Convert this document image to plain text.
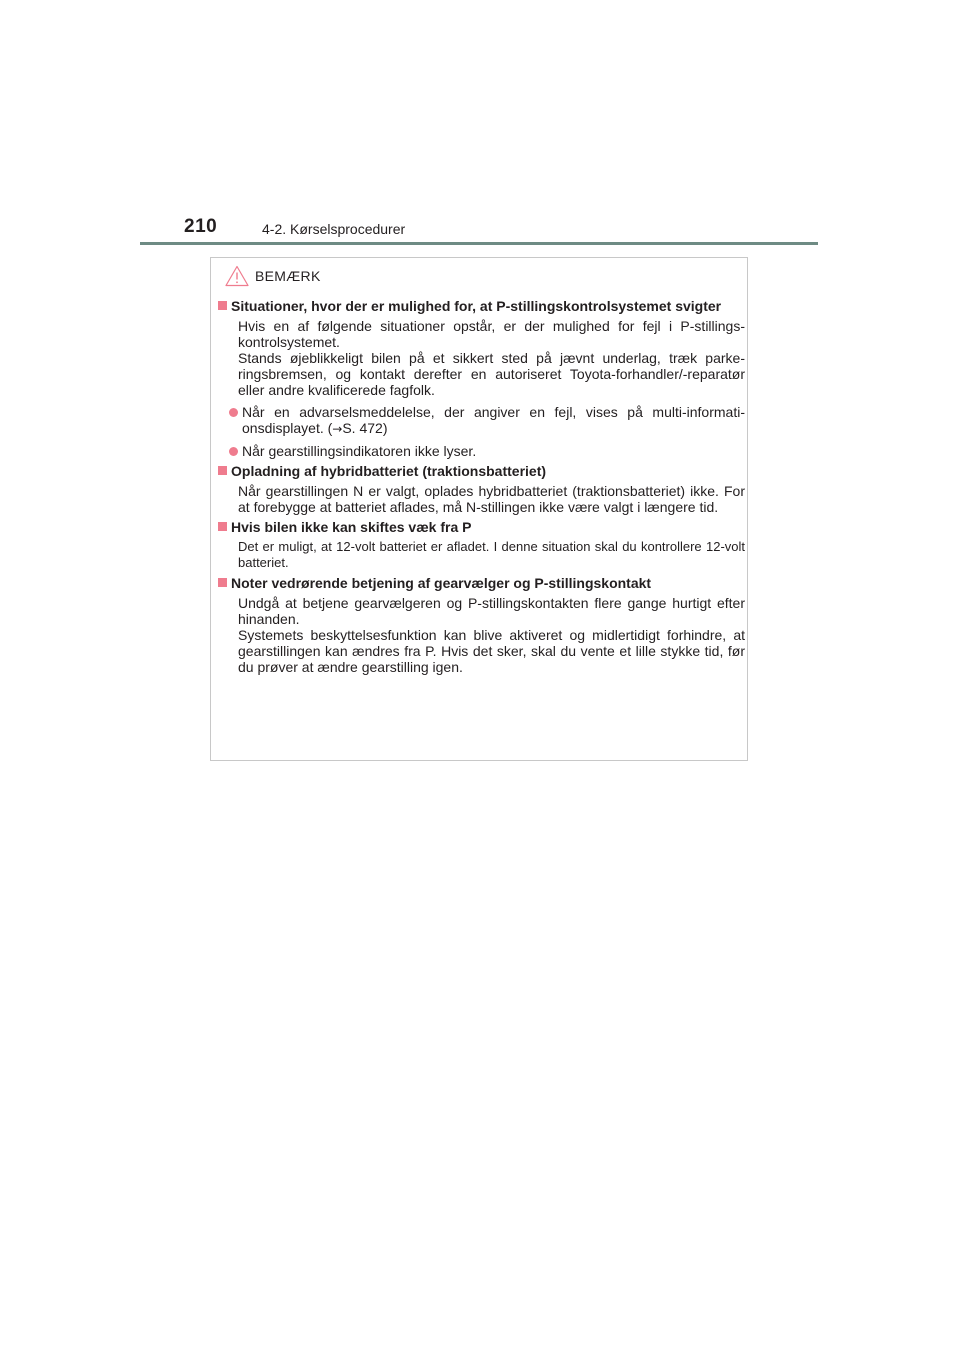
210	4-2. Kørselsprocedurer
BEMÆRK
Situationer, hvor der er mulighed for, at P-stillingskontrolsystemet svigter
Hvis en af følgende situationer opstår, er der mulighed for fejl i P-stillings-kontrolsystemet.
Stands øjeblikkeligt bilen på et sikkert sted på jævnt underlag, træk parke-ringsbremsen, og kontakt derefter en autoriseret Toyota-forhandler/-reparatør eller andre kvalificerede fagfolk.
Når en advarselsmeddelelse, der angiver en fejl, vises på multi-informati-onsdisplayet. (→S. 472)
Når gearstillingsindikatoren ikke lyser.
Opladning af hybridbatteriet (traktionsbatteriet)
Når gearstillingen N er valgt, oplades hybridbatteriet (traktionsbatteriet) ikke. For at forebygge at batteriet aflades, må N-stillingen ikke være valgt i længere tid.
Hvis bilen ikke kan skiftes væk fra P
Det er muligt, at 12-volt batteriet er afladet. I denne situation skal du kontrollere 12-volt batteriet.
Noter vedrørende betjening af gearvælger og P-stillingskontakt
Undgå at betjene gearvælgeren og P-stillingskontakten flere gange hurtigt efter hinanden.
Systemets beskyttelsesfunktion kan blive aktiveret og midlertidigt forhindre, at gearstillingen kan ændres fra P. Hvis det sker, skal du vente et lille stykke tid, før du prøver at ændre gearstilling igen.
